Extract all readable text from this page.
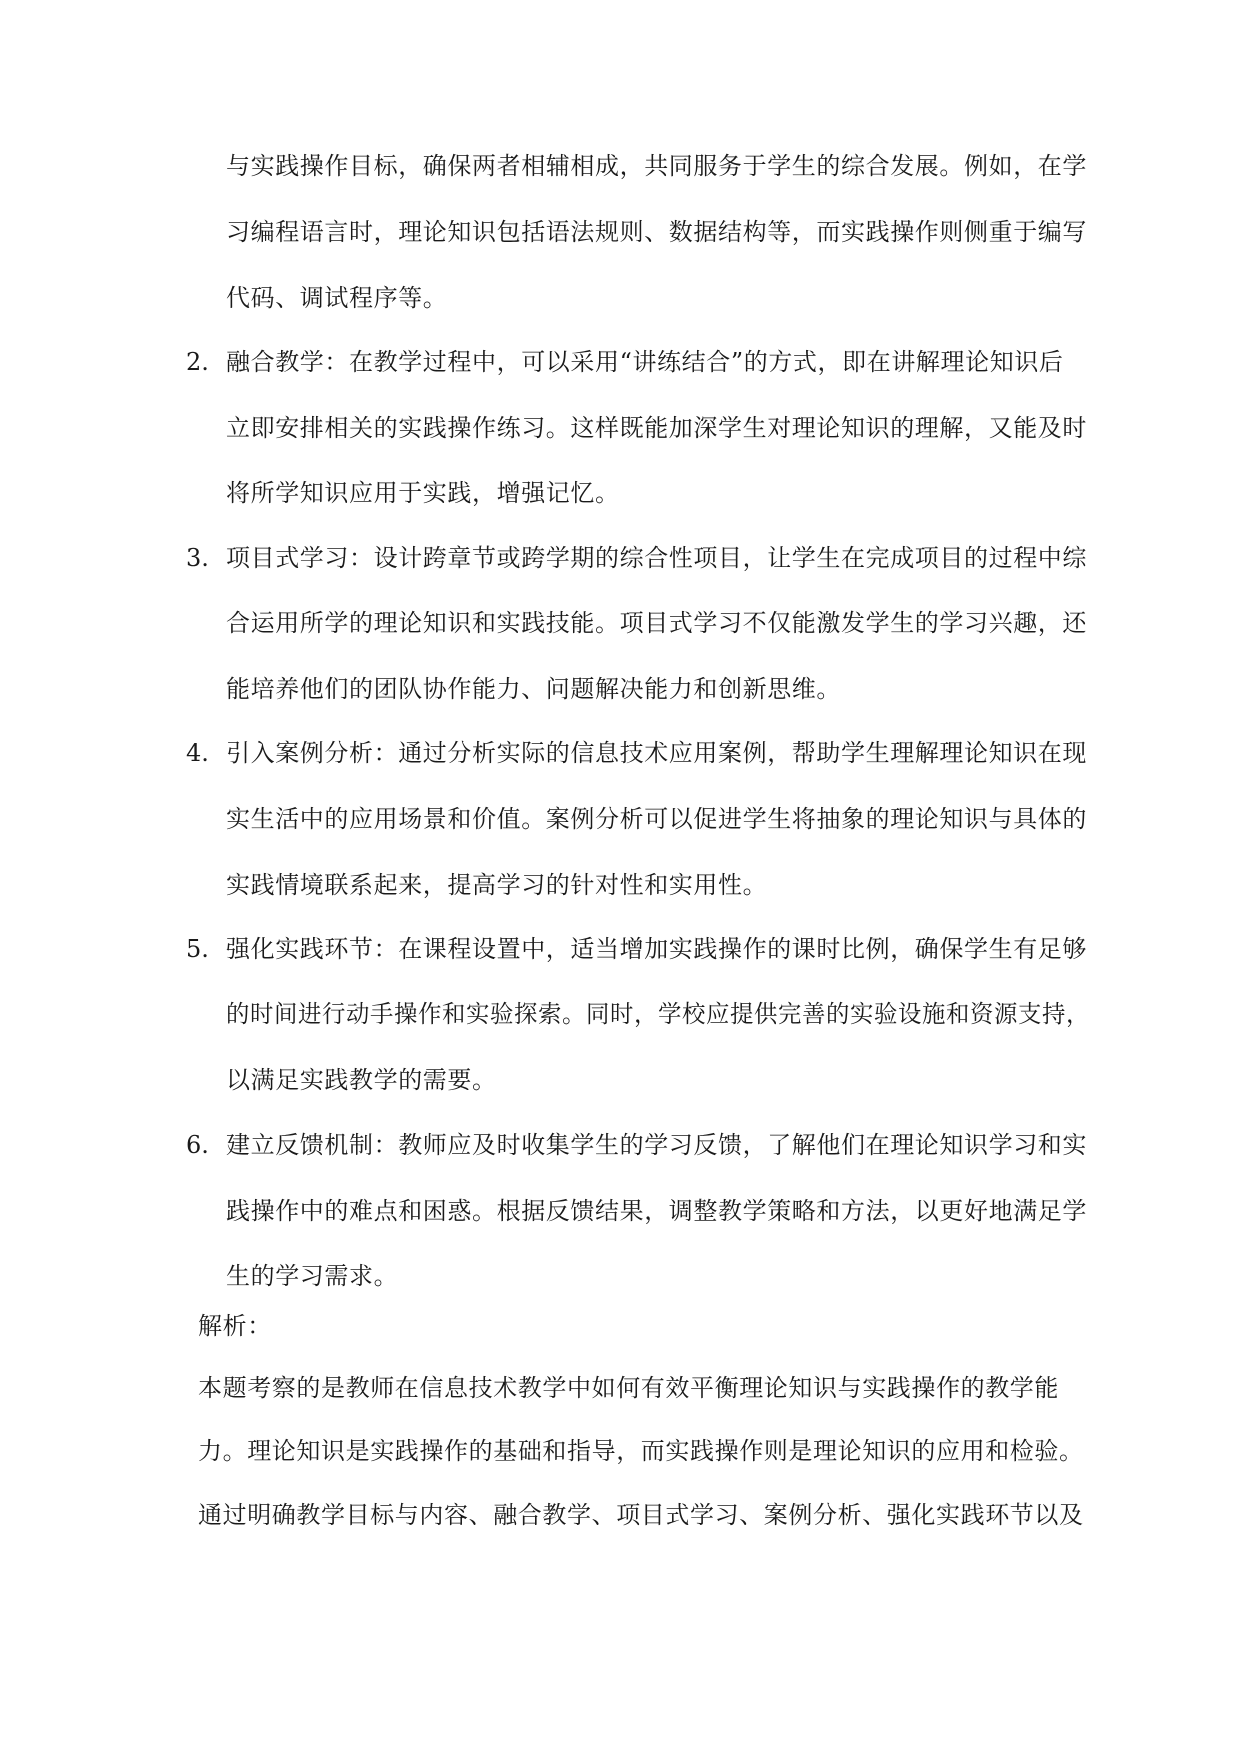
与实践操作目标，确保两者相辅相成，共同服务于学生的综合发展。例如，在学
习编程语言时，理论知识包括语法规则、数据结构等，而实践操作则侧重于编写
代码、调试程序等。
2. 融合教学：在教学过程中，可以采用“讲练结合”的方式，即在讲解理论知识后
立即安排相关的实践操作练习。这样既能加深学生对理论知识的理解，又能及时
将所学知识应用于实践，增强记忆。
3. 项目式学习：设计跨章节或跨学期的综合性项目，让学生在完成项目的过程中综
合运用所学的理论知识和实践技能。项目式学习不仅能激发学生的学习兴趣，还
能培养他们的团队协作能力、问题解决能力和创新思维。
4. 引入案例分析：通过分析实际的信息技术应用案例，帮助学生理解理论知识在现
实生活中的应用场景和价值。案例分析可以促进学生将抽象的理论知识与具体的
实践情境联系起来，提高学习的针对性和实用性。
5. 强化实践环节：在课程设置中，适当增加实践操作的课时比例，确保学生有足够
的时间进行动手操作和实验探索。同时，学校应提供完善的实验设施和资源支持，
以满足实践教学的需要。
6. 建立反馈机制：教师应及时收集学生的学习反馈，了解他们在理论知识学习和实
践操作中的难点和困惑。根据反馈结果，调整教学策略和方法，以更好地满足学
生的学习需求。
解析：
本题考察的是教师在信息技术教学中如何有效平衡理论知识与实践操作的教学能
力。理论知识是实践操作的基础和指导，而实践操作则是理论知识的应用和检验。
通过明确教学目标与内容、融合教学、项目式学习、案例分析、强化实践环节以及
